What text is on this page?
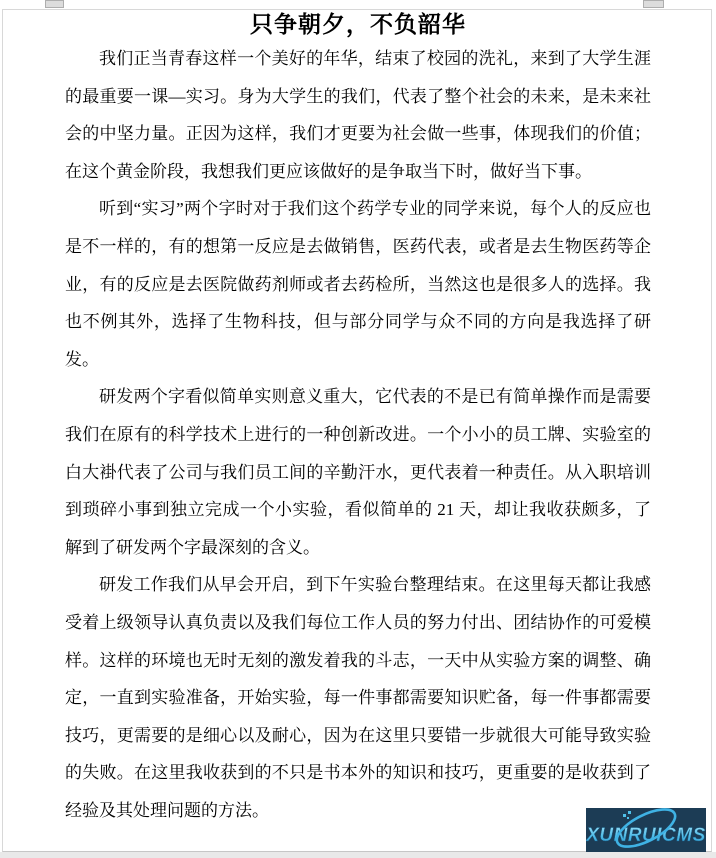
只争朝夕，不负韶华

我们正当青春这样一个美好的年华，结束了校园的洗礼，来到了大学生涯的最重要一课—实习。身为大学生的我们，代表了整个社会的未来，是未来社会的中坚力量。正因为这样，我们才更要为社会做一些事，体现我们的价值；在这个黄金阶段，我想我们更应该做好的是争取当下时，做好当下事。

听到“实习”两个字时对于我们这个药学专业的同学来说，每个人的反应也是不一样的，有的想第一反应是去做销售，医药代表，或者是去生物医药等企业，有的反应是去医院做药剂师或者去药检所，当然这也是很多人的选择。我也不例其外，选择了生物科技，但与部分同学与众不同的方向是我选择了研发。

研发两个字看似简单实则意义重大，它代表的不是已有简单操作而是需要我们在原有的科学技术上进行的一种创新改进。一个小小的员工牌、实验室的白大褂代表了公司与我们员工间的辛勤汗水，更代表着一种责任。从入职培训到琐碎小事到独立完成一个小实验，看似简单的 21 天，却让我收获颇多，了解到了研发两个字最深刻的含义。

研发工作我们从早会开启，到下午实验台整理结束。在这里每天都让我感受着上级领导认真负责以及我们每位工作人员的努力付出、团结协作的可爱模样。这样的环境也无时无刻的激发着我的斗志，一天中从实验方案的调整、确定，一直到实验准备，开始实验，每一件事都需要知识贮备，每一件事都需要技巧，更需要的是细心以及耐心，因为在这里只要错一步就很大可能导致实验的失败。在这里我收获到的不只是书本外的知识和技巧，更重要的是收获到了经验及其处理问题的方法。

XUNRUICMS
